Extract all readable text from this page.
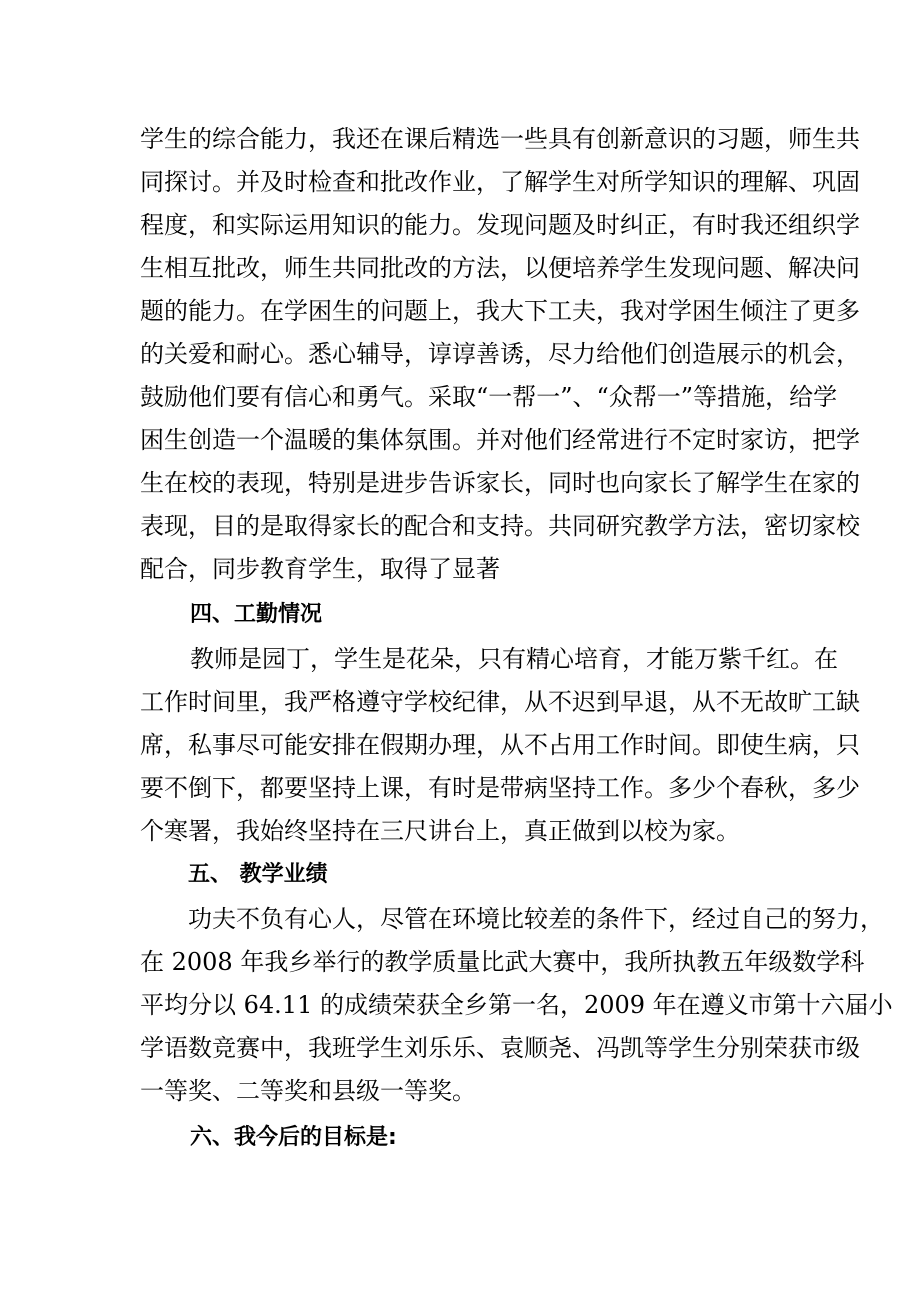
学生的综合能力，我还在课后精选一些具有创新意识的习题，师生共
同探讨。并及时检查和批改作业，了解学生对所学知识的理解、巩固
程度，和实际运用知识的能力。发现问题及时纠正，有时我还组织学
生相互批改，师生共同批改的方法，以便培养学生发现问题、解决问
题的能力。在学困生的问题上，我大下工夫，我对学困生倾注了更多
的关爱和耐心。悉心辅导，谆谆善诱，尽力给他们创造展示的机会，
鼓励他们要有信心和勇气。采取“一帮一”、“众帮一”等措施，给学
困生创造一个温暖的集体氛围。并对他们经常进行不定时家访，把学
生在校的表现，特别是进步告诉家长，同时也向家长了解学生在家的
表现，目的是取得家长的配合和支持。共同研究教学方法，密切家校
配合，同步教育学生，取得了显著
四、工勤情况
教师是园丁，学生是花朵，只有精心培育，才能万紫千红。在
工作时间里，我严格遵守学校纪律，从不迟到早退，从不无故旷工缺
席，私事尽可能安排在假期办理，从不占用工作时间。即使生病，只
要不倒下，都要坚持上课，有时是带病坚持工作。多少个春秋，多少
个寒署，我始终坚持在三尺讲台上，真正做到以校为家。
五、 教学业绩
功夫不负有心人，尽管在环境比较差的条件下，经过自己的努力，
在 2008 年我乡举行的教学质量比武大赛中，我所执教五年级数学科
平均分以 64.11 的成绩荣获全乡第一名，2009 年在遵义市第十六届小
学语数竞赛中，我班学生刘乐乐、袁顺尧、冯凯等学生分别荣获市级
一等奖、二等奖和县级一等奖。
六、我今后的目标是:
